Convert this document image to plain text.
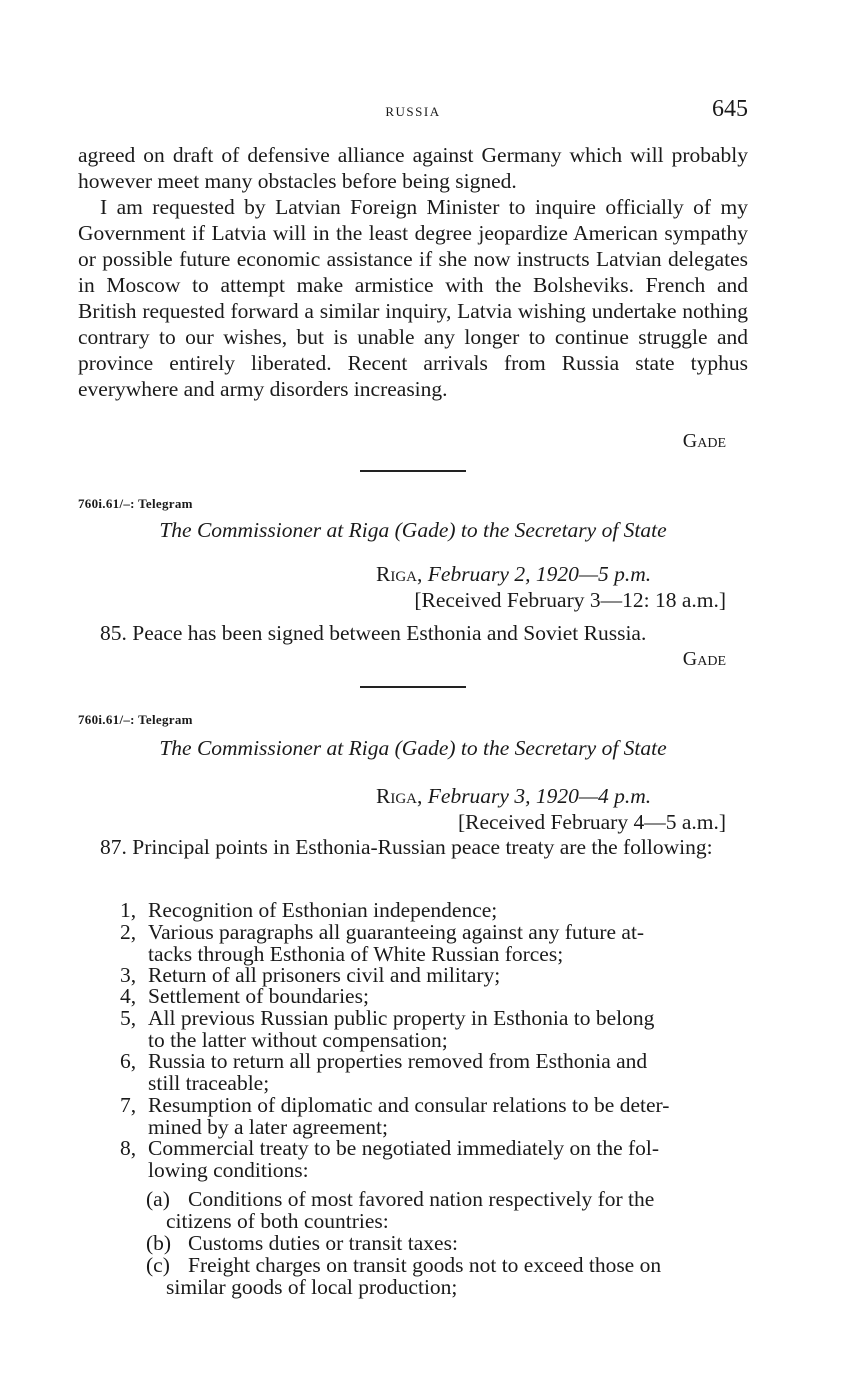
RUSSIA	645
agreed on draft of defensive alliance against Germany which will probably however meet many obstacles before being signed.
I am requested by Latvian Foreign Minister to inquire officially of my Government if Latvia will in the least degree jeopardize American sympathy or possible future economic assistance if she now instructs Latvian delegates in Moscow to attempt make armistice with the Bolsheviks. French and British requested forward a similar inquiry, Latvia wishing undertake nothing contrary to our wishes, but is unable any longer to continue struggle and province entirely liberated. Recent arrivals from Russia state typhus everywhere and army disorders increasing.
Gade
760i.61/–: Telegram
The Commissioner at Riga (Gade) to the Secretary of State
Riga, February 2, 1920—5 p.m.
[Received February 3—12: 18 a.m.]
85. Peace has been signed between Esthonia and Soviet Russia.
Gade
760i.61/–: Telegram
The Commissioner at Riga (Gade) to the Secretary of State
Riga, February 3, 1920—4 p.m.
[Received February 4—5 a.m.]
87. Principal points in Esthonia-Russian peace treaty are the following:
1, Recognition of Esthonian independence;
2, Various paragraphs all guaranteeing against any future at-
tacks through Esthonia of White Russian forces;
3, Return of all prisoners civil and military;
4, Settlement of boundaries;
5, All previous Russian public property in Esthonia to belong
to the latter without compensation;
6, Russia to return all properties removed from Esthonia and
still traceable;
7, Resumption of diplomatic and consular relations to be deter-
mined by a later agreement;
8, Commercial treaty to be negotiated immediately on the fol-
lowing conditions:
(a) Conditions of most favored nation respectively for the
citizens of both countries:
(b) Customs duties or transit taxes:
(c) Freight charges on transit goods not to exceed those on
similar goods of local production;
